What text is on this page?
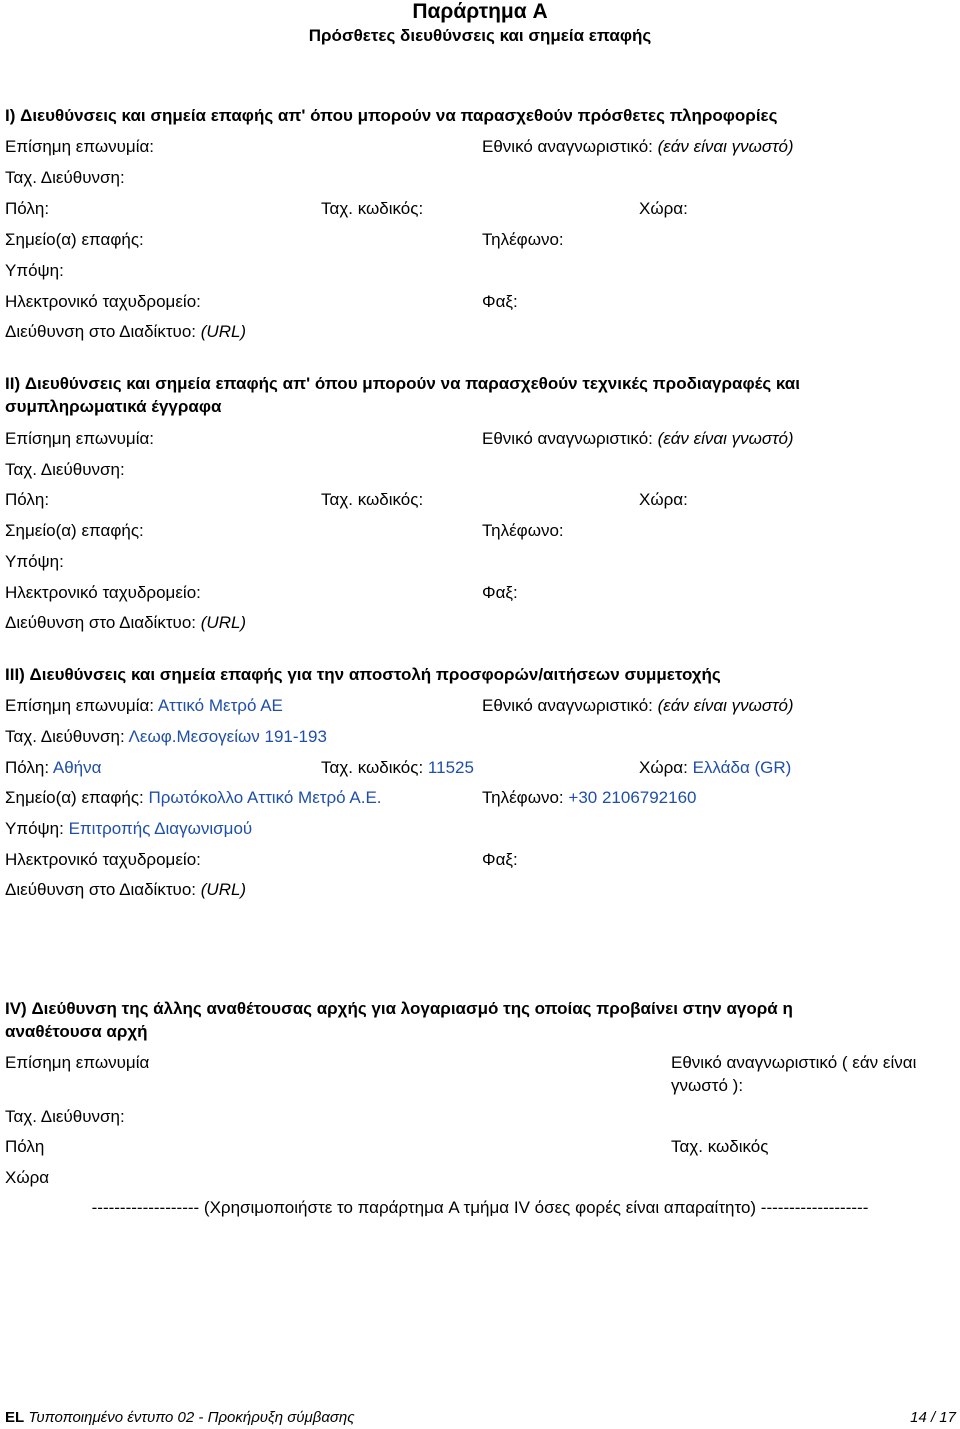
Παράρτημα A
Πρόσθετες διευθύνσεις και σημεία επαφής
I) Διευθύνσεις και σημεία επαφής απ' όπου μπορούν να παρασχεθούν πρόσθετες πληροφορίες
Επίσημη επωνυμία:	Εθνικό αναγνωριστικό: (εάν είναι γνωστό)
Ταχ. Διεύθυνση:
Πόλη:	Ταχ. κωδικός:	Χώρα:
Σημείο(α) επαφής:	Τηλέφωνο:
Υπόψη:
Ηλεκτρονικό ταχυδρομείο:	Φαξ:
Διεύθυνση στο Διαδίκτυο: (URL)
II) Διευθύνσεις και σημεία επαφής απ' όπου μπορούν να παρασχεθούν τεχνικές προδιαγραφές και
συμπληρωματικά έγγραφα
Επίσημη επωνυμία:	Εθνικό αναγνωριστικό: (εάν είναι γνωστό)
Ταχ. Διεύθυνση:
Πόλη:	Ταχ. κωδικός:	Χώρα:
Σημείο(α) επαφής:	Τηλέφωνο:
Υπόψη:
Ηλεκτρονικό ταχυδρομείο:	Φαξ:
Διεύθυνση στο Διαδίκτυο: (URL)
III) Διευθύνσεις και σημεία επαφής για την αποστολή προσφορών/αιτήσεων συμμετοχής
Επίσημη επωνυμία: Αττικό Μετρό ΑΕ	Εθνικό αναγνωριστικό: (εάν είναι γνωστό)
Ταχ. Διεύθυνση: Λεωφ.Μεσογείων 191-193
Πόλη: Αθήνα	Ταχ. κωδικός: 11525	Χώρα: Ελλάδα (GR)
Σημείο(α) επαφής: Πρωτόκολλο Αττικό Μετρό Α.Ε.	Τηλέφωνο: +30 2106792160
Υπόψη: Επιτροπής Διαγωνισμού
Ηλεκτρονικό ταχυδρομείο:	Φαξ:
Διεύθυνση στο Διαδίκτυο: (URL)
IV) Διεύθυνση της άλλης αναθέτουσας αρχής για λογαριασμό της οποίας προβαίνει στην αγορά η
αναθέτουσα αρχή
Επίσημη επωνυμία	Εθνικό αναγνωριστικό ( εάν είναι
γνωστό ):
Ταχ. Διεύθυνση:
Πόλη	Ταχ. κωδικός
Χώρα
------------------- (Χρησιμοποιήστε το παράρτημα A τμήμα IV όσες φορές είναι απαραίτητο) -------------------
EL Τυποποιημένο έντυπο 02 - Προκήρυξη σύμβασης	14 / 17
